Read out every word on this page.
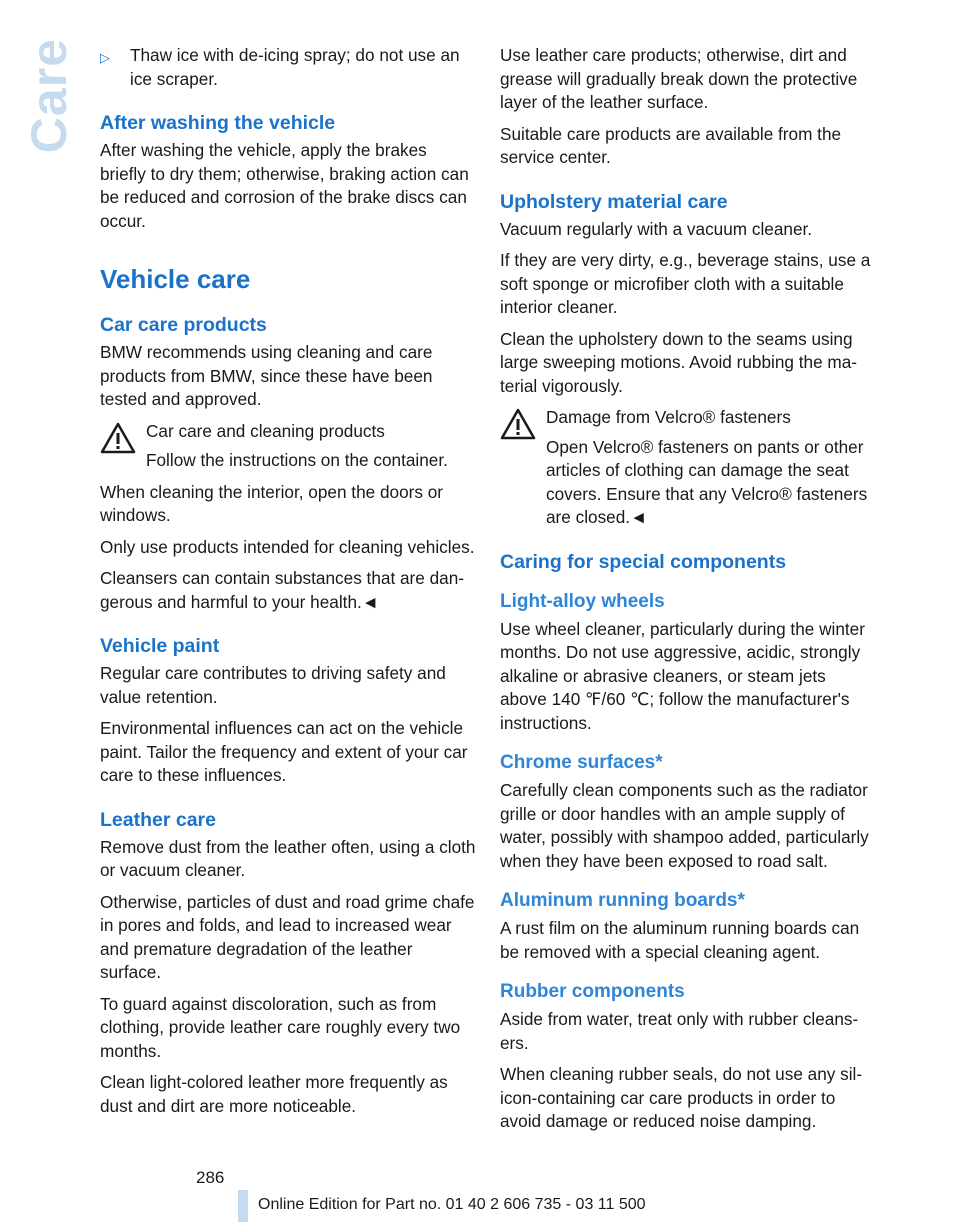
Care ▷	Thaw ice with de-icing spray; do not use an ice scraper.
After washing the vehicle

After washing the vehicle, apply the brakes briefly to dry them; otherwise, braking action can be reduced and corrosion of the brake discs can occur.

Vehicle care
Car care products

BMW recommends using cleaning and care products from BMW, since these have been tested and approved.

Car care and cleaning products

Follow the instructions on the container.

When cleaning the interior, open the doors or windows.

Only use products intended for cleaning vehicles.

Cleansers can contain substances that are dangerous and harmful to your health.◄

Vehicle paint

Regular care contributes to driving safety and value retention.

Environmental influences can act on the vehicle paint. Tailor the frequency and extent of your car care to these influences.

Leather care

Remove dust from the leather often, using a cloth or vacuum cleaner.

Otherwise, particles of dust and road grime chafe in pores and folds, and lead to increased wear and premature degradation of the leather surface.

To guard against discoloration, such as from clothing, provide leather care roughly every two months.

Clean light-colored leather more frequently as dust and dirt are more noticeable.

Use leather care products; otherwise, dirt and grease will gradually break down the protective layer of the leather surface.

Suitable care products are available from the service center.

Upholstery material care

Vacuum regularly with a vacuum cleaner.

If they are very dirty, e.g., beverage stains, use a soft sponge or microfiber cloth with a suitable interior cleaner.

Clean the upholstery down to the seams using large sweeping motions. Avoid rubbing the material vigorously.

Damage from Velcro® fasteners

Open Velcro® fasteners on pants or other articles of clothing can damage the seat covers. Ensure that any Velcro® fasteners are closed.◄

Caring for special components
Light-alloy wheels

Use wheel cleaner, particularly during the winter months. Do not use aggressive, acidic, strongly alkaline or abrasive cleaners, or steam jets above 140 ℉/60 ℃; follow the manufacturer's instructions.

Chrome surfaces*

Carefully clean components such as the radiator grille or door handles with an ample supply of water, possibly with shampoo added, particularly when they have been exposed to road salt.

Aluminum running boards*

A rust film on the aluminum running boards can be removed with a special cleaning agent.

Rubber components

Aside from water, treat only with rubber cleansers.

When cleaning rubber seals, do not use any silicon-containing car care products in order to avoid damage or reduced noise damping.

286
Online Edition for Part no. 01 40 2 606 735 - 03 11 500
